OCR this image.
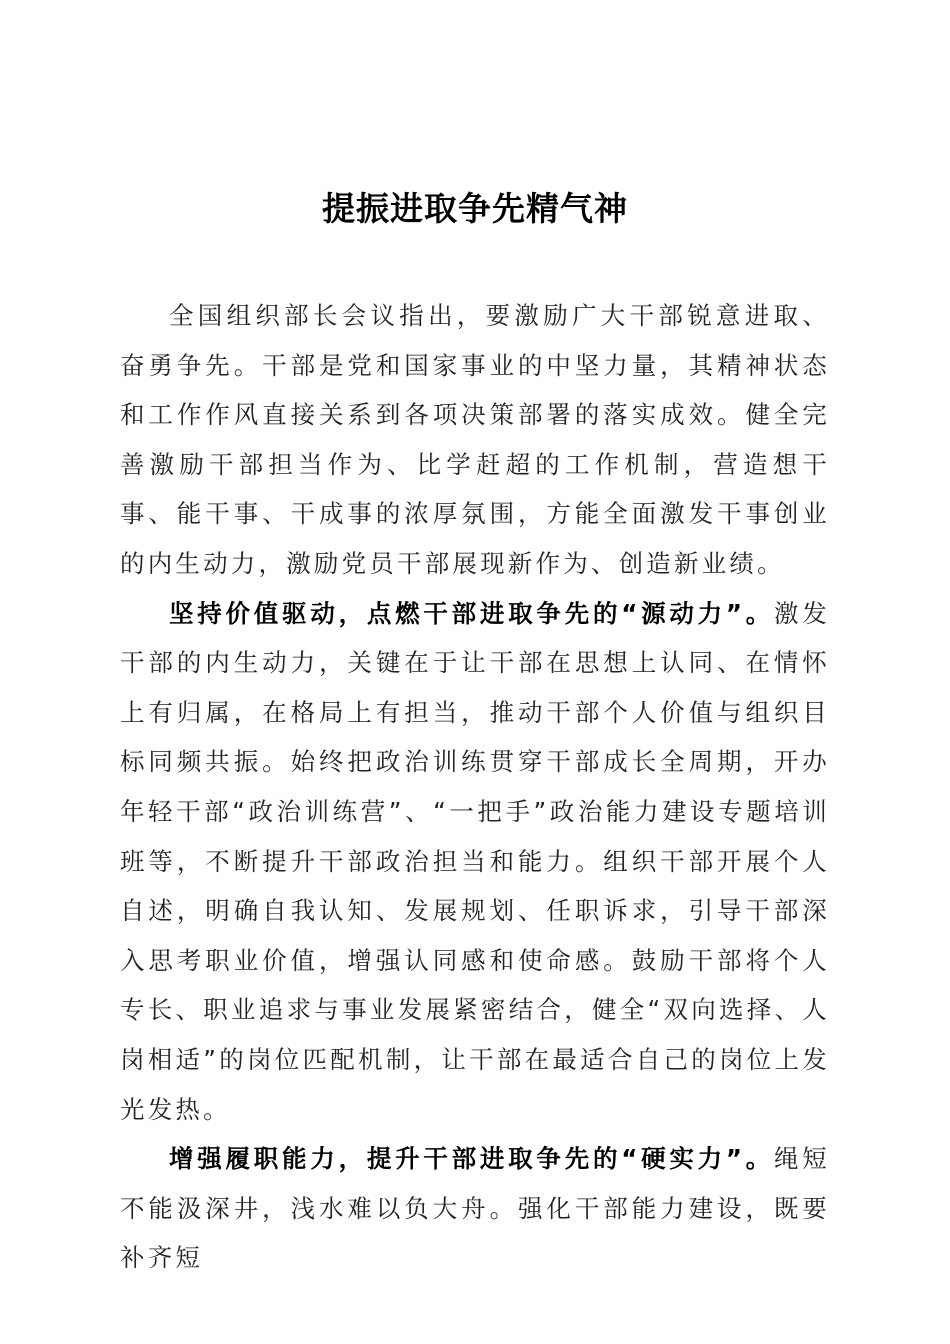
提振进取争先精气神

全国组织部长会议指出，要激励广大干部锐意进取、奋勇争先。干部是党和国家事业的中坚力量，其精神状态和工作作风直接关系到各项决策部署的落实成效。健全完善激励干部担当作为、比学赶超的工作机制，营造想干事、能干事、干成事的浓厚氛围，方能全面激发干事创业的内生动力，激励党员干部展现新作为、创造新业绩。

坚持价值驱动，点燃干部进取争先的“源动力”。激发干部的内生动力，关键在于让干部在思想上认同、在情怀上有归属，在格局上有担当，推动干部个人价值与组织目标同频共振。始终把政治训练贯穿干部成长全周期，开办年轻干部“政治训练营”、“一把手”政治能力建设专题培训班等，不断提升干部政治担当和能力。组织干部开展个人自述，明确自我认知、发展规划、任职诉求，引导干部深入思考职业价值，增强认同感和使命感。鼓励干部将个人专长、职业追求与事业发展紧密结合，健全“双向选择、人岗相适”的岗位匹配机制，让干部在最适合自己的岗位上发光发热。

增强履职能力，提升干部进取争先的“硬实力”。绳短不能汲深井，浅水难以负大舟。强化干部能力建设，既要补齐短
